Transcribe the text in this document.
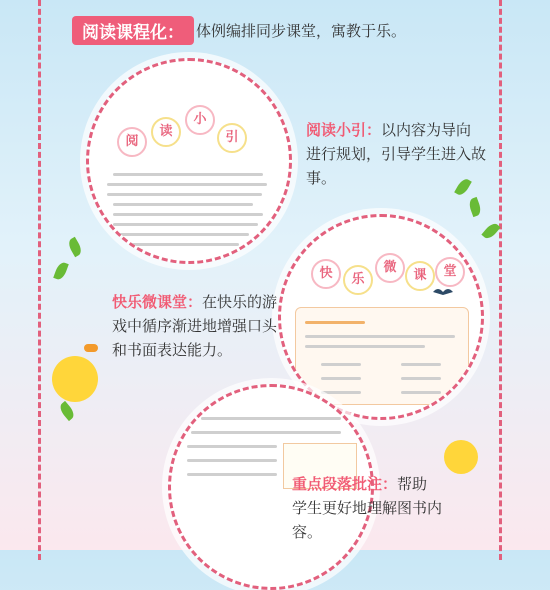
阅读课程化： 体例编排同步课堂，寓教于乐。
阅
读
小
引
快	乐
微
课	堂
阅读小引：以内容为导向进行规划，引导学生进入故事。
快乐微课堂：在快乐的游戏中循序渐进地增强口头和书面表达能力。
重点段落批注：帮助学生更好地理解图书内容。
